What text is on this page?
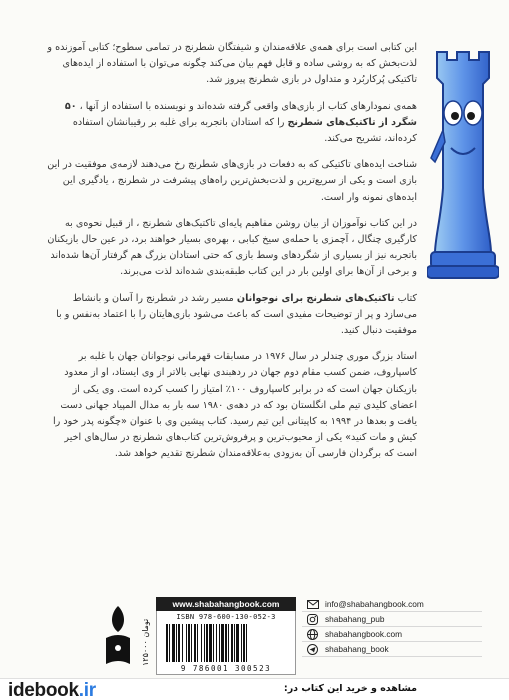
این کتابی است برای همه‌ی علاقه‌مندان و شیفتگان شطرنج در تمامی سطوح؛ کتابی آموزنده و لذت‌بخش که به روشی ساده و قابل فهم بیان می‌کند چگونه می‌توان با استفاده از ایده‌های تاکتیکی پُرکاربُرد و متداول در بازی شطرنج پیروز شد.

همه‌ی نمودارهای کتاب از بازی‌های واقعی گرفته شده‌اند و نویسنده با استفاده از آنها ، ۵۰ شگرد از تاکتیک‌های شطرنج را که استادان باتجربه برای غلبه بر رقیبانشان استفاده کرده‌اند، تشریح می‌کند.

شناخت ایده‌های تاکتیکی که به دفعات در بازی‌های شطرنج رخ می‌دهند لازمه‌ی موفقیت در این بازی است و یکی از سریع‌ترین و لذت‌بخش‌ترین راه‌های پیشرفت در شطرنج ، یادگیری این ایده‌های نمونه وار است.

در این کتاب نوآموزان از بیان روشن مفاهیم پایه‌ای تاکتیک‌های شطرنج ، از قبیل نحوه‌ی به کارگیری چنگال ، آچمزی یا حمله‌ی سیخ کبابی ، بهره‌ی بسیار خواهند برد، در عین حال بازیکنان باتجربه نیز از بسیاری از شگردهای وسط بازی که حتی استادان بزرگ هم گرفتار آن‌ها شده‌اند و برخی از آن‌ها برای اولین بار در این کتاب طبقه‌بندی شده‌اند لذت می‌برند.

کتاب تاکتیک‌های شطرنج برای نوجوانان مسیر رشد در شطرنج را آسان و بانشاط می‌سازد و پر از توضیحات مفیدی است که باعث می‌شود بازی‌هایتان را با اعتماد به‌نفس و با موفقیت دنبال کنید.

استاد بزرگ موری چندلر در سال ۱۹۷۶ در مسابقات قهرمانی نوجوانان جهان با غلبه بر کاسپاروف، ضمن کسب مقام دوم جهان در ردهبندی نهایی بالاتر از وی ایستاد، او از معدود بازیکنان جهان است که در برابر کاسپاروف ۱۰۰٪ امتیاز را کسب کرده است. وی یکی از اعضای کلیدی تیم ملی انگلستان بود که در دهه‌ی ۱۹۸۰ سه بار به مدال المپیاد جهانی دست یافت و بعدها در ۱۹۹۴ به کاپیتانی این تیم رسید. کتاب پیشین وی با عنوان «چگونه پدر خود را کیش و مات کنید» یکی از محبوب‌ترین و پرفروش‌ترین کتاب‌های شطرنج در سال‌های اخیر است که برگردان فارسی آن به‌زودی به‌علاقه‌مندان شطرنج تقدیم خواهد شد.

۱۲۵۰۰۰ تومان
www.shabahangbook.com
ISBN 978-600-130-052-3
9 786001 300523
info@shabahangbook.com
shabahang_pub
shabahangbook.com
shabahang_book
idebook.ir	مشاهده و خرید این کتاب در:
